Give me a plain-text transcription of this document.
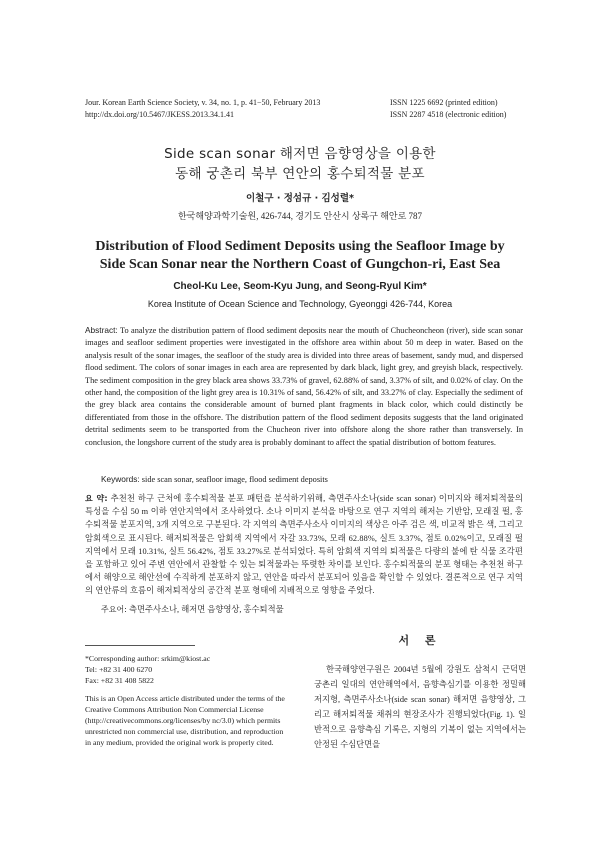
Jour. Korean Earth Science Society, v. 34, no. 1, p. 41−50, February 2013
http://dx.doi.org/10.5467/JKESS.2013.34.1.41
ISSN 1225 6692 (printed edition)
ISSN 2287 4518 (electronic edition)
Side scan sonar 해저면 음향영상을 이용한
동해 궁촌리 북부 연안의 홍수퇴적물 분포
이철구 · 정섬규 · 김성렬*
한국해양과학기술원, 426-744, 경기도 안산시 상록구 해안로 787
Distribution of Flood Sediment Deposits using the Seafloor Image by
Side Scan Sonar near the Northern Coast of Gungchon-ri, East Sea
Cheol-Ku Lee, Seom-Kyu Jung, and Seong-Ryul Kim*
Korea Institute of Ocean Science and Technology, Gyeonggi 426-744, Korea
Abstract: To analyze the distribution pattern of flood sediment deposits near the mouth of Chucheoncheon (river), side scan sonar images and seafloor sediment properties were investigated in the offshore area within about 50 m deep in water. Based on the analysis result of the sonar images, the seafloor of the study area is divided into three areas of basement, sandy mud, and dispersed flood sediment. The colors of sonar images in each area are represented by dark black, light grey, and greyish black, respectively. The sediment composition in the grey black area shows 33.73% of gravel, 62.88% of sand, 3.37% of silt, and 0.02% of clay. On the other hand, the composition of the light grey area is 10.31% of sand, 56.42% of silt, and 33.27% of clay. Especially the sediment of the grey black area contains the considerable amount of burned plant fragments in black color, which could distinctly be differentiated from those in the offshore. The distribution pattern of the flood sediment deposits suggests that the land originated detrital sediments seem to be transported from the Chucheon river into offshore along the shore rather than transversely. In conclusion, the longshore current of the study area is probably dominant to affect the spatial distribution of bottom features.
Keywords: side scan sonar, seafloor image, flood sediment deposits
요 약: 추천천 하구 근처에 홍수퇴적물 분포 패턴을 분석하기위해, 측면주사소나(side scan sonar) 이미지와 해저퇴적물의 특성을 수심 50 m 이하 연안지역에서 조사하였다. 소나 이미지 분석을 바탕으로 연구 지역의 해저는 기반암, 모래질 펄, 홍수퇴적물 분포지역, 3개 지역으로 구분된다. 각 지역의 측면주사소사 이미지의 색상은 아주 검은 색, 비교적 밝은 색, 그리고 암회색으로 표시된다. 해저퇴적물은 암회색 지역에서 자갈 33.73%, 모래 62.88%, 실트 3.37%, 점토 0.02%이고, 모래질 펄 지역에서 모래 10.31%, 실트 56.42%, 점토 33.27%로 분석되었다. 특히 암회색 지역의 퇴적물은 다량의 불에 탄 식물 조각편을 포함하고 있어 주변 연안에서 관찰할 수 있는 퇴적물과는 뚜렷한 차이를 보인다. 홍수퇴적물의 분포 형태는 추천천 하구에서 해양으로 해안선에 수직하게 분포하지 않고, 연안을 따라서 분포되어 있음을 확인할 수 있었다. 결론적으로 연구 지역의 연안류의 흐름이 해저퇴적상의 공간적 분포 형태에 지배적으로 영향을 주었다.
주요어: 측면주사소나, 해저면 음향영상, 홍수퇴적물
*Corresponding author: srkim@kiost.ac
Tel: +82 31 400 6270
Fax: +82 31 408 5822
This is an Open Access article distributed under the terms of the Creative Commons Attribution Non Commercial License (http://creativecommons.org/licenses/by nc/3.0) which permits unrestricted non commercial use, distribution, and reproduction in any medium, provided the original work is properly cited.
서 론
한국해양연구원은 2004년 5월에 강원도 삼척시 근덕면 궁촌리 일대의 연안해역에서, 음향측심기를 이용한 정밀해저지형, 측면주사소나(side scan sonar) 해저면 음향영상, 그리고 해저퇴적물 채취의 현장조사가 진행되었다(Fig. 1). 일반적으로 음향측심 기록은, 지형의 기복이 없는 지역에서는 안정된 수심단면을
